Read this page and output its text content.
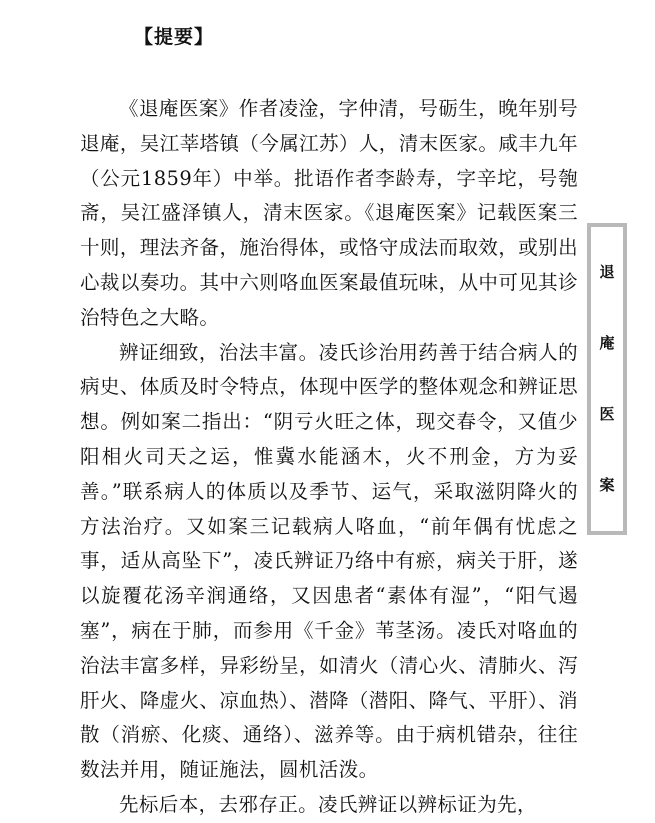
【提要】

《退庵医案》作者凌淦，字仲清，号砺生，晚年别号退庵，吴江莘塔镇（今属江苏）人，清末医家。咸丰九年（公元1859年）中举。批语作者李龄寿，字辛坨，号匏斋，吴江盛泽镇人，清末医家。《退庵医案》记载医案三十则，理法齐备，施治得体，或恪守成法而取效，或别出心裁以奏功。其中六则咯血医案最值玩味，从中可见其诊治特色之大略。

辨证细致，治法丰富。凌氏诊治用药善于结合病人的病史、体质及时令特点，体现中医学的整体观念和辨证思想。例如案二指出：“阴亏火旺之体，现交春令，又值少阳相火司天之运，惟冀水能涵木，火不刑金，方为妥善。”联系病人的体质以及季节、运气，采取滋阴降火的方法治疗。又如案三记载病人咯血，“前年偶有忧虑之事，适从高坠下”，凌氏辨证乃络中有瘀，病关于肝，遂以旋覆花汤辛润通络，又因患者“素体有湿”，“阳气遏塞”，病在于肺，而参用《千金》苇茎汤。凌氏对咯血的治法丰富多样，异彩纷呈，如清火（清心火、清肺火、泻肝火、降虚火、凉血热）、潜降（潜阳、降气、平肝）、消散（消瘀、化痰、通络）、滋养等。由于病机错杂，往往数法并用，随证施法，圆机活泼。

先标后本，去邪存正。凌氏辨证以辨标证为先，

退
庵
医
案
